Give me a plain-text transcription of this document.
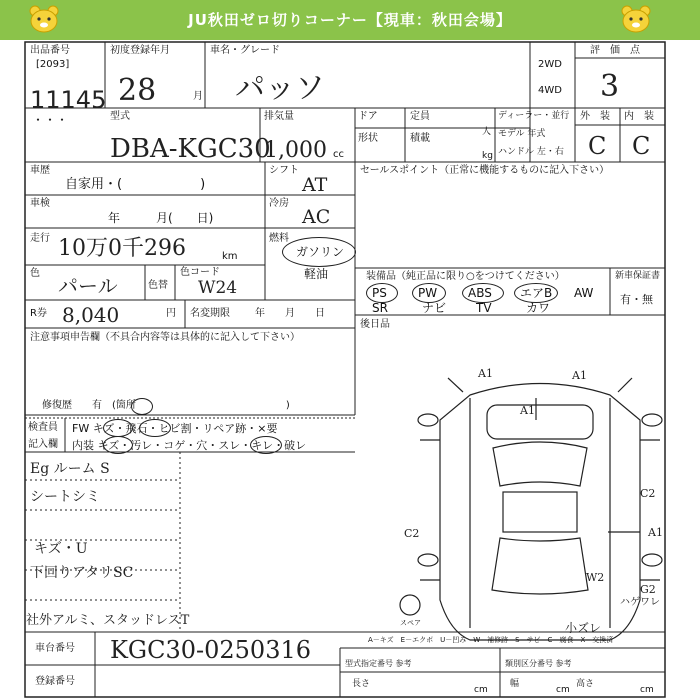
JU秋田ゼロ切りコーナー【現車：秋田会場】
出品番号
[2093]
11145
・・・
初度登録年月
28	月
車名・グレード
パッソ
2WD
4WD
評　価　点
3
型式
DBA-KGC30
排気量
1,000 cc
ドア	定員
形状	積載
人
kg
ディーラー・並行
モデル 年式
ハンドル 左・右
外　装 内　装
C C
車歴
自家用・(　　　　　　)
車検
年　　　月(　　日)
走行 10万0千296	km
色
パール	色替
色コード
W24
R券 8,040	円 名変期限	年　　月　　日
注意事項申告欄（不具合内容等は具体的に記入して下さい）
修復歴　　有　(箇所　　　　　　　　　　　　　　　)
シフト
AT
冷房
AC
燃料
ガソリン
軽油
セールスポイント（正常に機能するものに記入下さい）
装備品（純正品に限り○をつけてください）	新車保証書
有・無
PS	PW	ABS エアB AW
SR	ナビ TV	カワ
後日品
検査員
記入欄
FW キズ・飛石・ヒビ割・リペア跡・×要
内装 キズ・汚レ・コゲ・穴・スレ・キレ・破レ
Eg ルーム S
シートシミ
キズ・U
下回りアタリSC
社外アルミ、スタッドレスT
A1	A1
A1
C2
A1
C2
W2
G2
ハゲワレ
小ズレ
スペア
A－キズ　E－エクボ　U－凹み　W－補修跡　S－サビ　C－腐食　X－交換済
車台番号 KGC30-0250316
登録番号
型式指定番号 参考	類別区分番号 参考
長さ
cm
幅
cm
高さ
cm
